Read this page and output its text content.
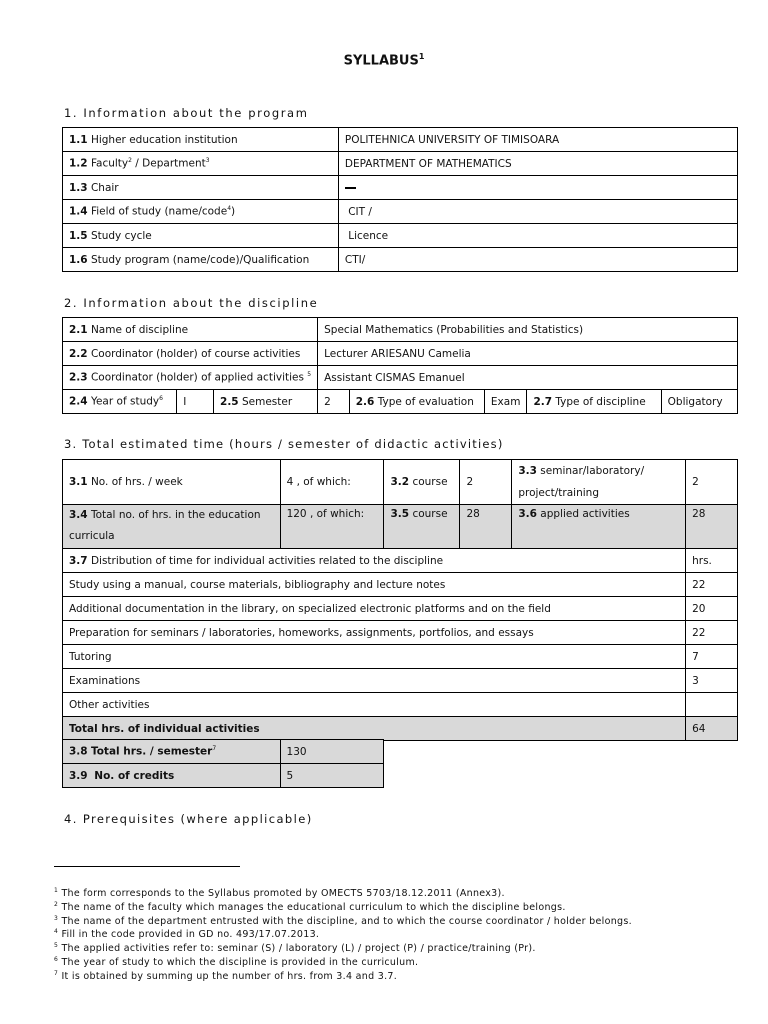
SYLLABUS$^1$
1. Information about the program
1.1 Higher education institution	POLITEHNICA UNIVERSITY OF TIMISOARA
1.2 Faculty$^2$ / Department$^3$	DEPARTMENT OF MATHEMATICS
1.3 Chair	
1.4 Field of study (name/code$^4$)	CIT /
1.5 Study cycle	Licence
1.6 Study program (name/code)/Qualification	CTI/
2. Information about the discipline
2.1 Name of discipline			Special Mathematics (Probabilities and Statistics)				
2.2 Coordinator (holder) of course activities			Lecturer ARIESANU Camelia				
2.3 Coordinator (holder) of applied activities $^5$			Assistant CISMAS Emanuel				
2.4 Year of study$^6$	I	2.5 Semester	2	2.6 Type of evaluation	Exam	2.7 Type of discipline	Obligatory
3. Total estimated time (hours / semester of didactic activities)
3.1 No. of hrs. / week	4 , of which:	3.2 course	2	3.3 seminar/laboratory/
project/training	2
3.4 Total no. of hrs. in the education curricula	120 , of which:	3.5 course	28	3.6 applied activities	28
3.7 Distribution of time for individual activities related to the discipline					hrs.
Study using a manual, course materials, bibliography and lecture notes					22
Additional documentation in the library, on specialized electronic platforms and on the field					20
Preparation for seminars / laboratories, homeworks, assignments, portfolios, and essays					22
Tutoring					7
Examinations					3
Other activities					
Total hrs. of individual activities					64
3.8 Total hrs. / semester$^7$	130
3.9 No. of credits	5
4. Prerequisites (where applicable)
$^1$ The form corresponds to the Syllabus promoted by OMECTS 5703/18.12.2011 (Annex3).
$^2$ The name of the faculty which manages the educational curriculum to which the discipline belongs.
$^3$ The name of the department entrusted with the discipline, and to which the course coordinator / holder belongs.
$^4$ Fill in the code provided in GD no. 493/17.07.2013.
$^5$ The applied activities refer to: seminar (S) / laboratory (L) / project (P) / practice/training (Pr).
$^6$ The year of study to which the discipline is provided in the curriculum.
$^7$ It is obtained by summing up the number of hrs. from 3.4 and 3.7.
